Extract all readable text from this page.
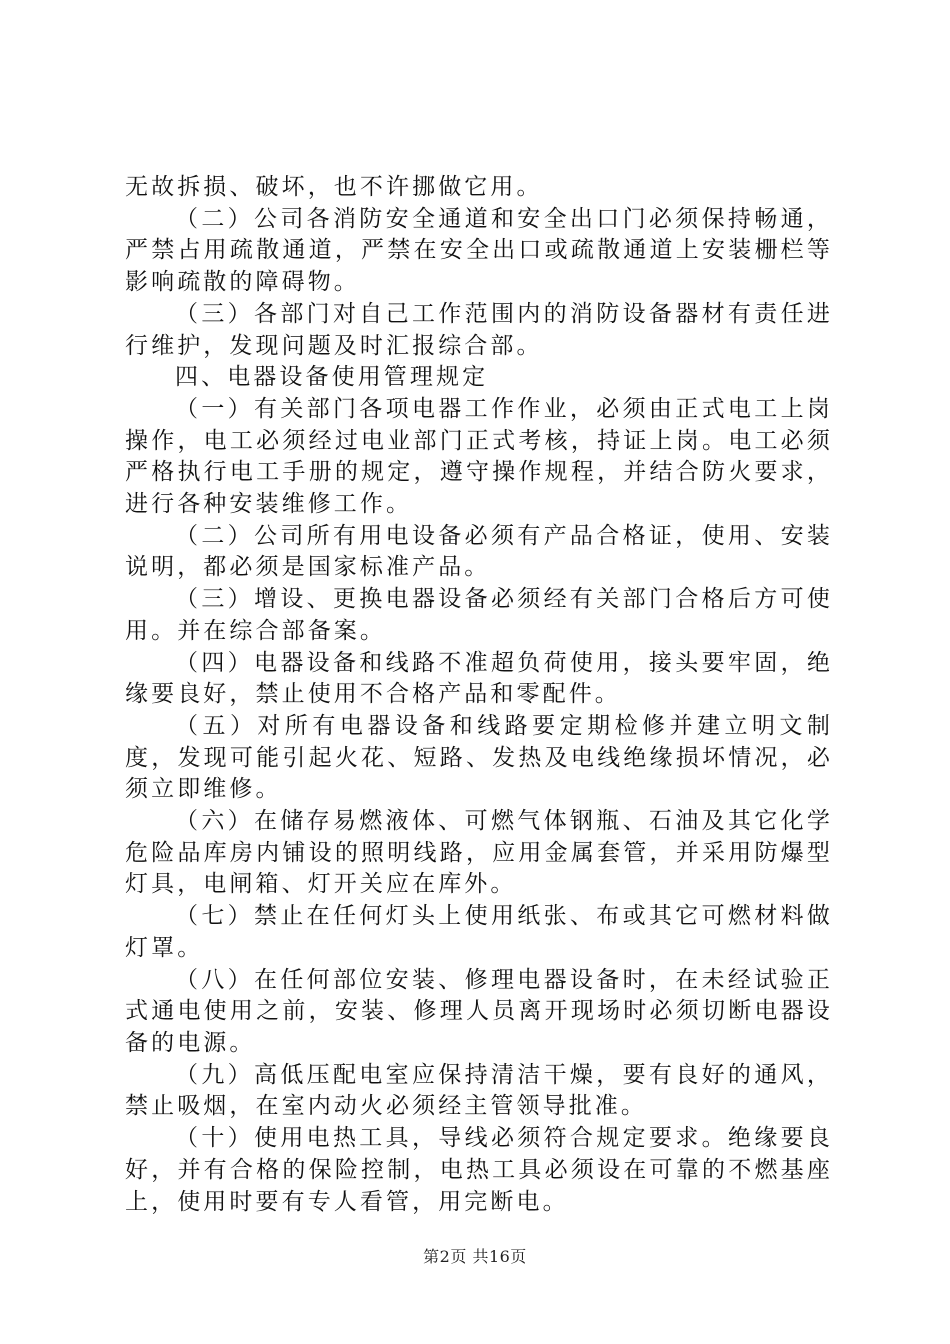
无故拆损、破坏，也不许挪做它用。

（二）公司各消防安全通道和安全出口门必须保持畅通，严禁占用疏散通道，严禁在安全出口或疏散通道上安装栅栏等影响疏散的障碍物。

（三）各部门对自己工作范围内的消防设备器材有责任进行维护，发现问题及时汇报综合部。

四、电器设备使用管理规定

（一）有关部门各项电器工作作业，必须由正式电工上岗操作，电工必须经过电业部门正式考核，持证上岗。电工必须严格执行电工手册的规定，遵守操作规程，并结合防火要求，进行各种安装维修工作。

（二）公司所有用电设备必须有产品合格证，使用、安装说明，都必须是国家标准产品。

（三）增设、更换电器设备必须经有关部门合格后方可使用。并在综合部备案。

（四）电器设备和线路不准超负荷使用，接头要牢固，绝缘要良好，禁止使用不合格产品和零配件。

（五）对所有电器设备和线路要定期检修并建立明文制度，发现可能引起火花、短路、发热及电线绝缘损坏情况，必须立即维修。

（六）在储存易燃液体、可燃气体钢瓶、石油及其它化学危险品库房内铺设的照明线路，应用金属套管，并采用防爆型灯具，电闸箱、灯开关应在库外。

（七）禁止在任何灯头上使用纸张、布或其它可燃材料做灯罩。

（八）在任何部位安装、修理电器设备时，在未经试验正式通电使用之前，安装、修理人员离开现场时必须切断电器设备的电源。

（九）高低压配电室应保持清洁干燥，要有良好的通风，禁止吸烟，在室内动火必须经主管领导批准。

（十）使用电热工具，导线必须符合规定要求。绝缘要良好，并有合格的保险控制，电热工具必须设在可靠的不燃基座上，使用时要有专人看管，用完断电。

第2页 共16页
